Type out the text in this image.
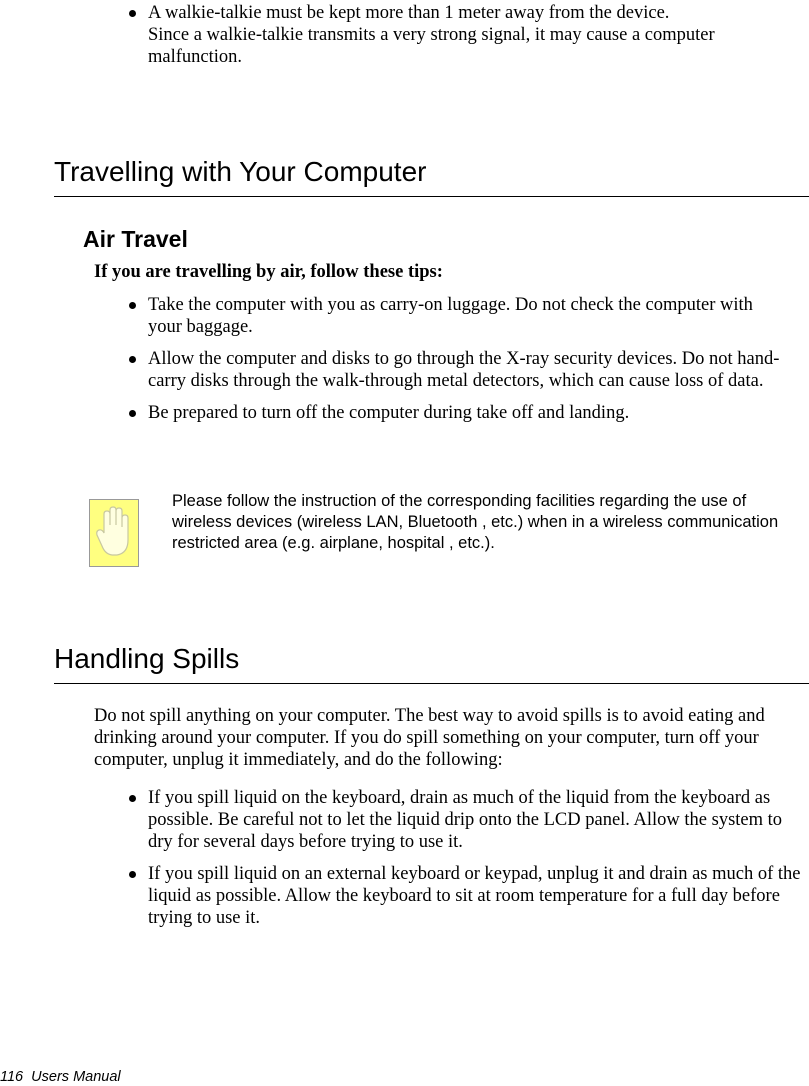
A walkie-talkie must be kept more than 1 meter away from the device.
Since a walkie-talkie transmits a very strong signal, it may cause a computer malfunction.
Travelling with Your Computer
Air Travel

If you are travelling by air, follow these tips:

Take the computer with you as carry-on luggage. Do not check the computer with your baggage.
Allow the computer and disks to go through the X-ray security devices. Do not hand-carry disks through the walk-through metal detectors, which can cause loss of data.
Be prepared to turn off the computer during take off and landing.

Please follow the instruction of the corresponding facilities regarding the use of wireless devices (wireless LAN, Bluetooth , etc.) when in a wireless communication restricted area (e.g. airplane, hospital , etc.).

Handling Spills

Do not spill anything on your computer. The best way to avoid spills is to avoid eating and drinking around your computer. If you do spill something on your computer, turn off your computer, unplug it immediately, and do the following:

If you spill liquid on the keyboard, drain as much of the liquid from the keyboard as possible. Be careful not to let the liquid drip onto the LCD panel. Allow the system to dry for several days before trying to use it.
If you spill liquid on an external keyboard or keypad, unplug it and drain as much of the liquid as possible. Allow the keyboard to sit at room temperature for a full day before trying to use it.
116  Users Manual
